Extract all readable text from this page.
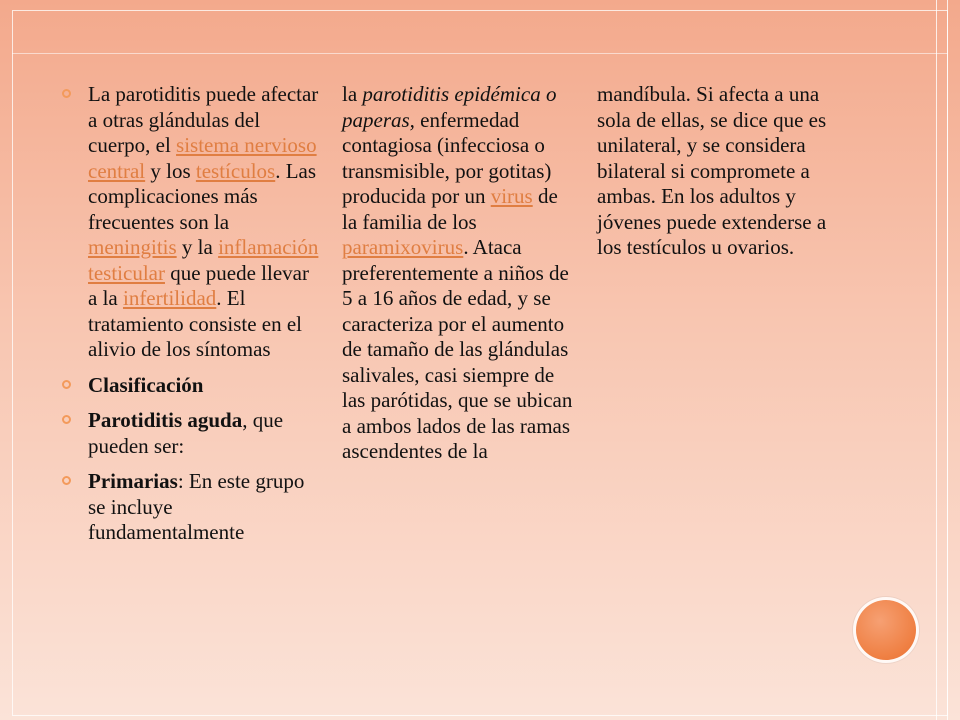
La parotiditis puede afectar a otras glándulas del cuerpo, el sistema nervioso central y los testículos. Las complicaciones más frecuentes son la meningitis y la inflamación testicular que puede llevar a la infertilidad. El tratamiento consiste en el alivio de los síntomas
Clasificación
Parotiditis aguda, que pueden ser:
Primarias: En este grupo se incluye fundamentalmente

la parotiditis epidémica o paperas, enfermedad contagiosa (infecciosa o transmisible, por gotitas) producida por un virus de la familia de los paramixovirus. Ataca preferentemente a niños de 5 a 16 años de edad, y se caracteriza por el aumento de tamaño de las glándulas salivales, casi siempre de las parótidas, que se ubican a ambos lados de las ramas ascendentes de la

mandíbula. Si afecta a una sola de ellas, se dice que es unilateral, y se considera bilateral si compromete a ambas. En los adultos y jóvenes puede extenderse a los testículos u ovarios.
